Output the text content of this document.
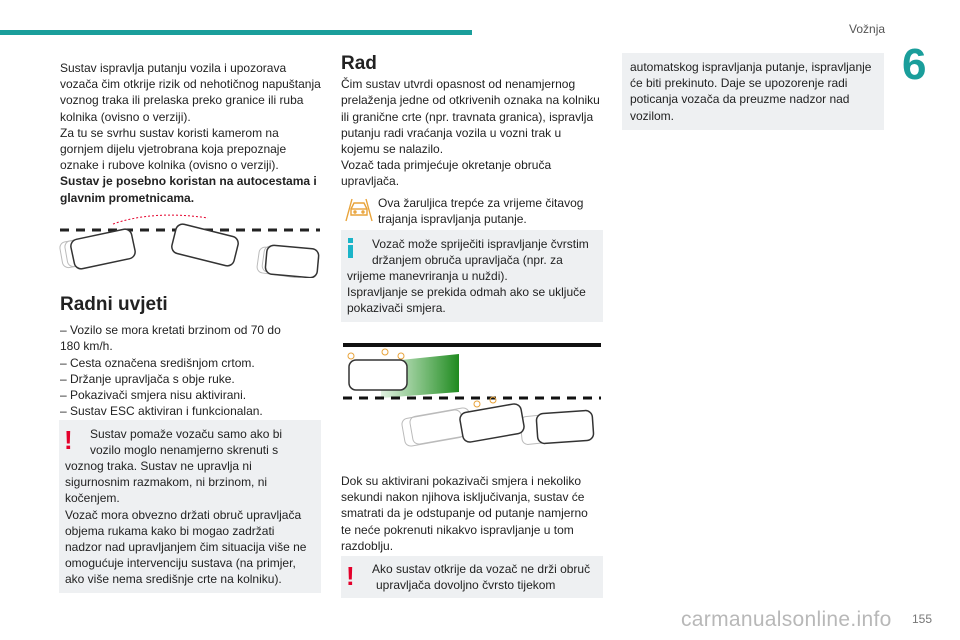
Vožnja
6

Sustav ispravlja putanju vozila i upozorava

vozača čim otkrije rizik od nehotičnog napuštanja

voznog traka ili prelaska preko granice ili ruba

kolnika (ovisno o verziji).

Za tu se svrhu sustav koristi kamerom na

gornjem dijelu vjetrobrana koja prepoznaje

oznake i rubove kolnika (ovisno o verziji).

Sustav je posebno koristan na autocestama i

glavnim prometnicama.

Radni uvjeti

– Vozilo se mora kretati brzinom od 70 do

180 km/h.

– Cesta označena središnjom crtom.

– Držanje upravljača s obje ruke.

– Pokazivači smjera nisu aktivirani.

– Sustav ESC aktiviran i funkcionalan.

! Sustav pomaže vozaču samo ako bi

vozilo moglo nenamjerno skrenuti s

voznog traka. Sustav ne upravlja ni

sigurnosnim razmakom, ni brzinom, ni

kočenjem.

Vozač mora obvezno držati obruč upravljača

objema rukama kako bi mogao zadržati

nadzor nad upravljanjem čim situacija više ne

omogućuje intervenciju sustava (na primjer,

ako više nema središnje crte na kolniku).

Rad

Čim sustav utvrdi opasnost od nenamjernog

prelaženja jedne od otkrivenih oznaka na kolniku

ili granične crte (npr. travnata granica), ispravlja

putanju radi vraćanja vozila u vozni trak u

kojemu se nalazilo.

Vozač tada primjećuje okretanje obruča

upravljača.

Ova žaruljica trepće za vrijeme čitavog

trajanja ispravljanja putanje.

Vozač može spriječiti ispravljanje čvrstim

držanjem obruča upravljača (npr. za

vrijeme manevriranja u nuždi).

Ispravljanje se prekida odmah ako se uključe

pokazivači smjera.

Dok su aktivirani pokazivači smjera i nekoliko

sekundi nakon njihova isključivanja, sustav će

smatrati da je odstupanje od putanje namjerno

te neće pokrenuti nikakvo ispravljanje u tom

razdoblju.

! Ako sustav otkrije da vozač ne drži obruč

upravljača dovoljno čvrsto tijekom

automatskog ispravljanja putanje, ispravljanje

će biti prekinuto. Daje se upozorenje radi

poticanja vozača da preuzme nadzor nad

vozilom.

carmanualsonline.info 155
